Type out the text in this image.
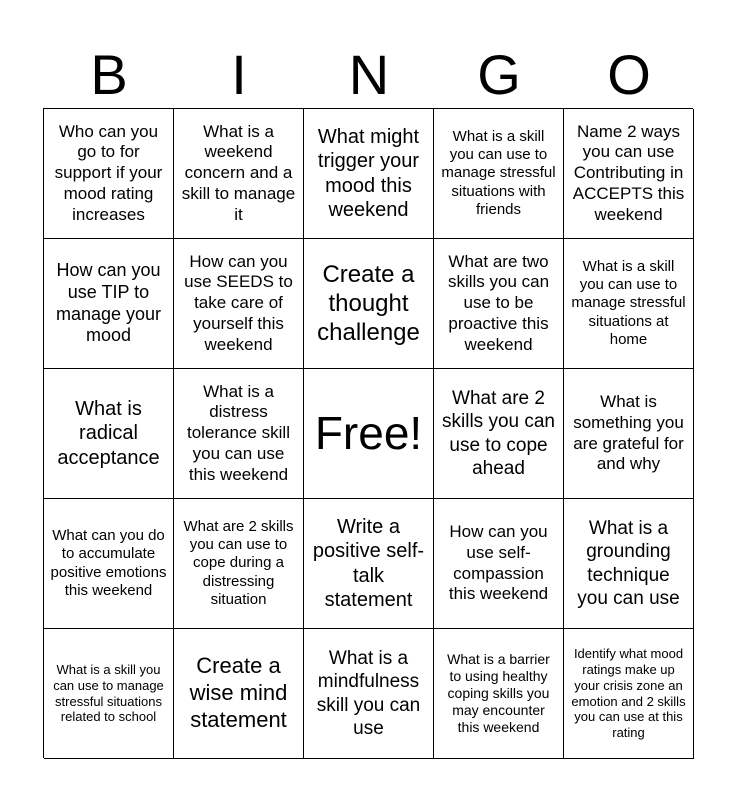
B	I	N	G	O
Who can you go to for support if your mood rating increases
What is a weekend concern and a skill to manage it
What might trigger your mood this weekend
What is a skill you can use to manage stressful situations with friends
Name 2 ways you can use Contributing in ACCEPTS this weekend
How can you use TIP to manage your mood
How can you use SEEDS to take care of yourself this weekend
Create a thought challenge
What are two skills you can use to be proactive this weekend
What is a skill you can use to manage stressful situations at home
What is radical acceptance
What is a distress tolerance skill you can use this weekend
Free!
What are 2 skills you can use to cope ahead
What is something you are grateful for and why
What can you do to accumulate positive emotions this weekend
What are 2 skills you can use to cope during a distressing situation
Write a positive self-talk statement
How can you use self-compassion this weekend
What is a grounding technique you can use
What is a skill you can use to manage stressful situations related to school
Create a wise mind statement
What is a mindfulness skill you can use
What is a barrier to using healthy coping skills you may encounter this weekend
Identify what mood ratings make up your crisis zone an emotion and 2 skills you can use at this rating
